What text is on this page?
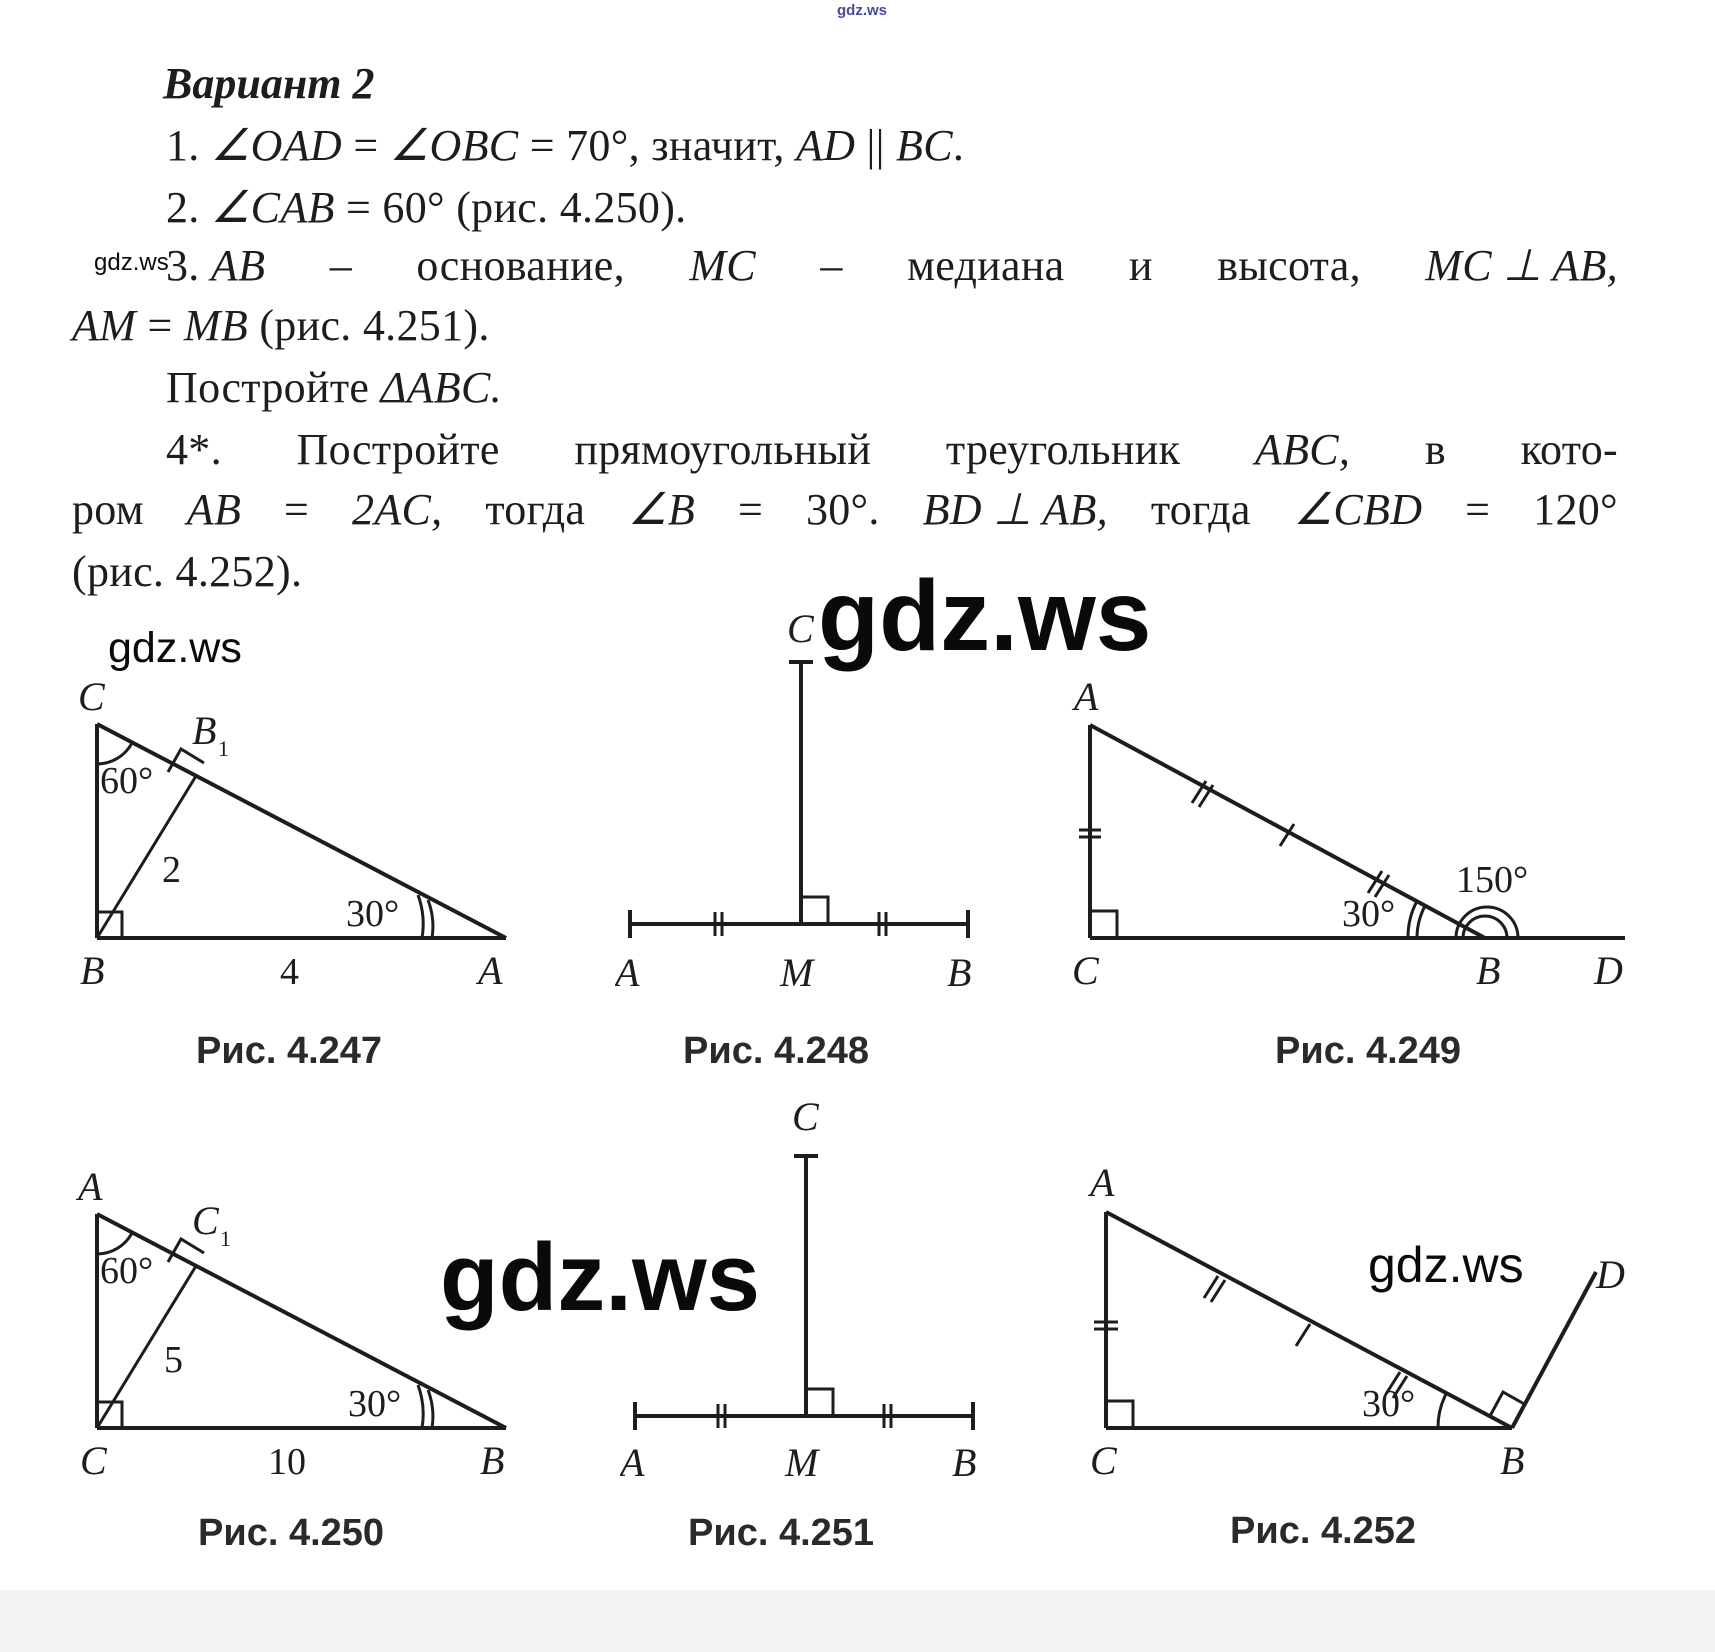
gdz.ws
gdz.ws
gdz.ws	gdz.ws
gdz.ws	gdz.ws
Вариант 2
1. ∠OAD = ∠OBC = 70°, значит, AD || BC.
2. ∠CAB = 60° (рис. 4.250).
3. AB – основание, MC – медиана и высота, MC ⊥ AB,
AM = MB (рис. 4.251).
Постройте ΔABC.
4*. Постройте прямоугольный треугольник ABC, в кото-
ром AB = 2AC, тогда ∠B = 30°. BD ⊥ AB, тогда ∠CBD = 120°
(рис. 4.252).
C
B 1
60°
2
30°
B	4	A
Рис. 4.247
C
A	M	B
Рис. 4.248
A
150°
30°
C	B D
Рис. 4.249
A
C 1
60°
5
30°
C	10	B
Рис. 4.250
C
A	M	B
Рис. 4.251
A
D
30°
C	B
Рис. 4.252
